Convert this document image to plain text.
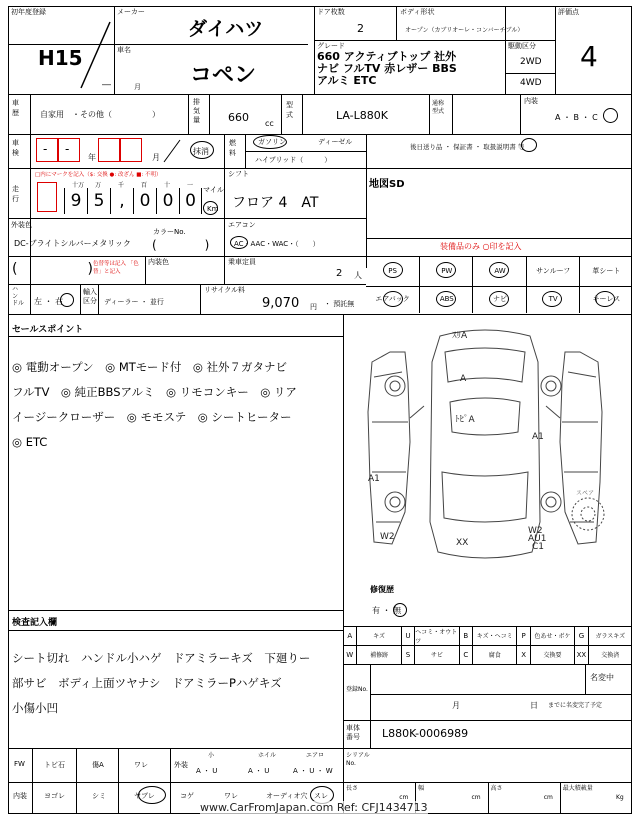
初年度登録
H15
―	月
メーカー
ダイハツ
車名
コペン
ドア枚数
2
ボディ形状
オープン（カブリオーレ・コンバーチブル）
グレード
660 アクティブトップ 社外
ナビ フルTV 赤レザー BBS
アルミ ETC
駆動区分
2WD
4WD
評価点
4
車
歴	自家用　・その他（　　　　　）
排
気
量	660 cc
型
式	LA-L880K
通称
型式
内装
A ・ B ・ C
車
検 - -
年	月
抹消
燃
料
ガソリン	ディーゼル
ハイブリッド（　　　）
後日送り品 ・ 保証書 ・ 取扱説明書 等
走
行
□内にマークを記入（$: 交換 ●: 改ざん ■: 不明）
十万 万	千	百	十	一
9 5 , 0 0 0
マイル
Km
シフト
フロア 4　AT
地図SD
外装色
DC-ブライトシルバーメタリック
カラーNo.
(　　　　)
エアコン
AC・AAC・WAC・（　　）	装備品のみ ○印を記入
(　　　　　) 色替等は記入 「色替」と記入
内装色	乗車定員
2 人	PS	PW	AW	サンルーフ	革シート
エアバック	ABS	ナビ	TV	キーレス
ハ
ン
ドル 左 ・ 右
輸入
区分 ディーラー ・ 並行
リサイクル料
9,070 円 ・ 預託無
セールスポイント
◎ 電動オープン　◎ MTモード付　◎ 社外７ガタナビ
フルTV　◎ 純正BBSアルミ　◎ リモコンキー　◎ リア
イージークローザー　◎ モモステ　◎ シートヒーター
◎ ETC
ｽﾘA
A
ﾄﾋﾟA
A1
A1
W2
XX
W2
AU1
C1
スペア
修復歴
有 ・ 無
検査記入欄
シート切れ　ハンドル小ハゲ　ドアミラーキズ　下廻りー
部サビ　ボディ上面ツヤナシ　ドアミラーPハゲキズ
小傷小凹
A	キズ	U ヘコミ・オウトツ
B	キズ・ヘコミ	P	色あせ・ボケ	G	ガラスキズ
W	補修跡	S	サビ	C	腐食	X	交換要	XX	交換済
登録No.
名変中
月	日 までに名変完了予定
車体
番号 L880K-0006989
シリアル
No.
FW
内装
トビ石	傷A	ワレ
ヨゴレ	シミ	ヤブレ
外装
小
A ・ U
ホイル
A ・ U
エアロ
A ・ U ・ W
コゲ	ワレ	オーディオ穴 スレ
長さ
cm
幅
cm
高さ
cm
最大積載量
Kg
www.CarFromJapan.com Ref: CFJ1434713
